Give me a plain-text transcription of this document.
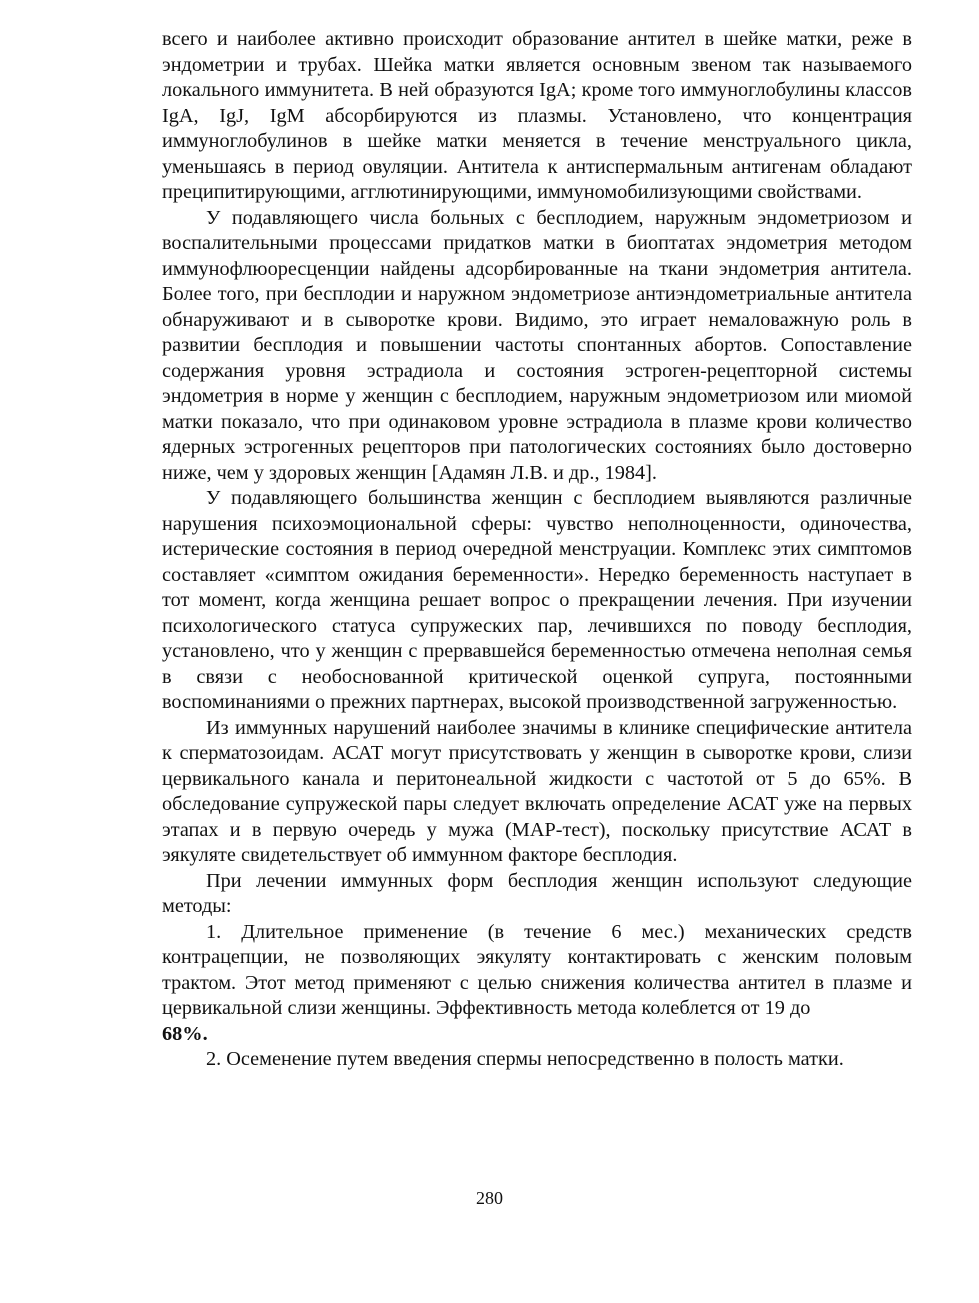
всего и наиболее активно происходит образование антител в шейке матки, реже в эндометрии и трубах. Шейка матки является основным звеном так называемого локального иммунитета. В ней образуются IgA; кроме того иммуноглобулины классов IgA, IgJ, IgM абсорбируются из плазмы. Установлено, что концентрация иммуноглобулинов в шейке матки меняется в течение менструального цикла, уменьшаясь в период овуляции. Антитела к антиспермальным антигенам обладают преципитирующими, агглютинирующими, иммуномобилизующими свойствами.

У подавляющего числа больных с бесплодием, наружным эндометриозом и воспалительными процессами придатков матки в биоптатах эндометрия методом иммунофлюоресценции найдены адсорбированные на ткани эндометрия антитела. Более того, при бесплодии и наружном эндометриозе антиэндометриальные антитела обнаруживают и в сыворотке крови. Видимо, это играет немаловажную роль в развитии бесплодия и повышении частоты спонтанных абортов. Сопоставление содержания уровня эстрадиола и состояния эстроген-рецепторной системы эндометрия в норме у женщин с бесплодием, наружным эндометриозом или миомой матки показало, что при одинаковом уровне эстрадиола в плазме крови количество ядерных эстрогенных рецепторов при патологических состояниях было достоверно ниже, чем у здоровых женщин [Адамян Л.В. и др., 1984].

У подавляющего большинства женщин с бесплодием выявляются различные нарушения психоэмоциональной сферы: чувство неполноценности, одиночества, истерические состояния в период очередной менструации. Комплекс этих симптомов составляет «симптом ожидания беременности». Нередко беременность наступает в тот момент, когда женщина решает вопрос о прекращении лечения. При изучении психологического статуса супружеских пар, лечившихся по поводу бесплодия, установлено, что у женщин с прервавшейся беременностью отмечена неполная семья в связи с необоснованной критической оценкой супруга, постоянными воспоминаниями о прежних партнерах, высокой производственной загруженностью.

Из иммунных нарушений наиболее значимы в клинике специфические антитела к сперматозоидам. АСАТ могут присутствовать у женщин в сыворотке крови, слизи цервикального канала и перитонеальной жидкости с частотой от 5 до 65%. В обследование супружеской пары следует включать определение АСАТ уже на первых этапах и в первую очередь у мужа (МАР-тест), поскольку присутствие АСАТ в эякуляте свидетельствует об иммунном факторе бесплодия.

При лечении иммунных форм бесплодия женщин используют следующие методы:

1. Длительное применение (в течение 6 мес.) механических средств контрацепции, не позволяющих эякуляту контактировать с женским половым трактом. Этот метод применяют с целью снижения количества антител в плазме и цервикальной слизи женщины. Эффективность метода колеблется от 19 до
68%.

2. Осеменение путем введения спермы непосредственно в полость матки.

280
